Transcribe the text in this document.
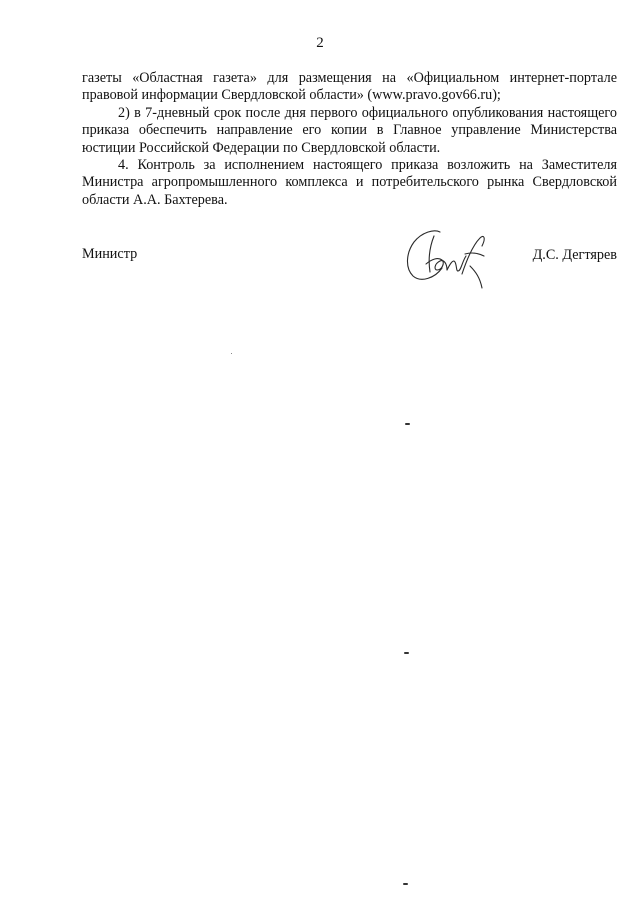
2

газеты «Областная газета» для размещения на «Официальном интернет-портале правовой информации Свердловской области» (www.pravo.gov66.ru);

2) в 7-дневный срок после дня первого официального опубликования настоящего приказа обеспечить направление его копии в Главное управление Министерства юстиции Российской Федерации по Свердловской области.

4. Контроль за исполнением настоящего приказа возложить на Заместителя Министра агропромышленного комплекса и потребительского рынка Свердловской области А.А. Бахтерева.

Министр	Д.С. Дегтярев
